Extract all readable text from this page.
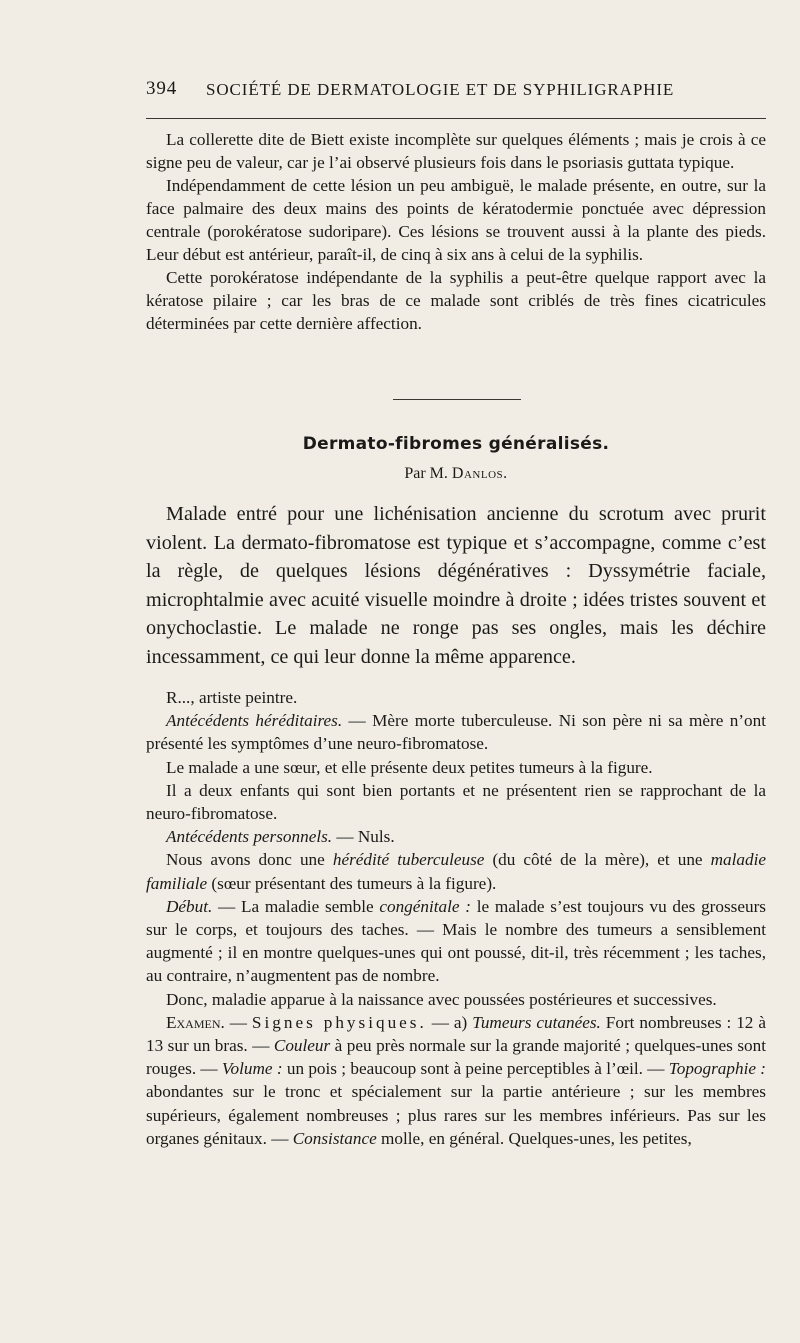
394 SOCIÉTÉ DE DERMATOLOGIE ET DE SYPHILIGRAPHIE

La collerette dite de Biett existe incomplète sur quelques éléments ; mais je crois à ce signe peu de valeur, car je l’ai observé plusieurs fois dans le psoriasis guttata typique.

Indépendamment de cette lésion un peu ambiguë, le malade présente, en outre, sur la face palmaire des deux mains des points de kératodermie ponctuée avec dépression centrale (porokératose sudoripare). Ces lésions se trouvent aussi à la plante des pieds. Leur début est antérieur, paraît-il, de cinq à six ans à celui de la syphilis.

Cette porokératose indépendante de la syphilis a peut-être quelque rapport avec la kératose pilaire ; car les bras de ce malade sont criblés de très fines cicatricules déterminées par cette dernière affection.

Dermato-fibromes généralisés.
Par M. Danlos.

Malade entré pour une lichénisation ancienne du scrotum avec prurit violent. La dermato-fibromatose est typique et s’accompagne, comme c’est la règle, de quelques lésions dégénératives : Dyssymétrie faciale, microphtalmie avec acuité visuelle moindre à droite ; idées tristes souvent et onychoclastie. Le malade ne ronge pas ses ongles, mais les déchire incessamment, ce qui leur donne la même apparence.

R..., artiste peintre.

Antécédents héréditaires. — Mère morte tuberculeuse. Ni son père ni sa mère n’ont présenté les symptômes d’une neuro-fibromatose.

Le malade a une sœur, et elle présente deux petites tumeurs à la figure.

Il a deux enfants qui sont bien portants et ne présentent rien se rapprochant de la neuro-fibromatose.

Antécédents personnels. — Nuls.

Nous avons donc une hérédité tuberculeuse (du côté de la mère), et une maladie familiale (sœur présentant des tumeurs à la figure).

Début. — La maladie semble congénitale : le malade s’est toujours vu des grosseurs sur le corps, et toujours des taches. — Mais le nombre des tumeurs a sensiblement augmenté ; il en montre quelques-unes qui ont poussé, dit-il, très récemment ; les taches, au contraire, n’augmentent pas de nombre.

Donc, maladie apparue à la naissance avec poussées postérieures et successives.

Examen. — Signes physiques. — a) Tumeurs cutanées. Fort nombreuses : 12 à 13 sur un bras. — Couleur à peu près normale sur la grande majorité ; quelques-unes sont rouges. — Volume : un pois ; beaucoup sont à peine perceptibles à l’œil. — Topographie : abondantes sur le tronc et spécialement sur la partie antérieure ; sur les membres supérieurs, également nombreuses ; plus rares sur les membres inférieurs. Pas sur les organes génitaux. — Consistance molle, en général. Quelques-unes, les petites,
